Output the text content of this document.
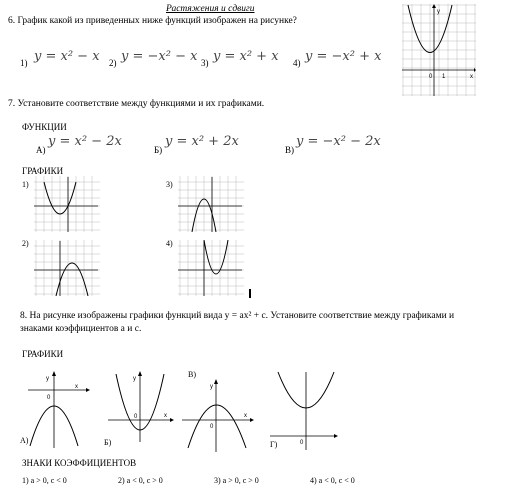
Растяжения и сдвиги
6. График какой из приведенных ниже функций изображен на рисунке?
1) y = x² − x 2) y = −x² − x 3) y = x² + x 4) y = −x² + x
y
x
0 1
7. Установите соответствие между функциями и их графиками.
ФУНКЦИИ
А)
y = x² − 2x
Б)
y = x² + 2x
В)
y = −x² − 2x
ГРАФИКИ
1)
2)
3)
4)
8. На рисунке изображены графики функций вида y = ax² + c. Установите соответствие между графиками и
знаками коэффициентов a и c.
ГРАФИКИ
y
x
0
А)
y
x
0
Б)
В)
y
x
0
0
Г)
ЗНАКИ КОЭФФИЦИЕНТОВ
1) a > 0, c < 0	2) a < 0, c > 0	3) a > 0, c > 0	4) a < 0, c < 0
